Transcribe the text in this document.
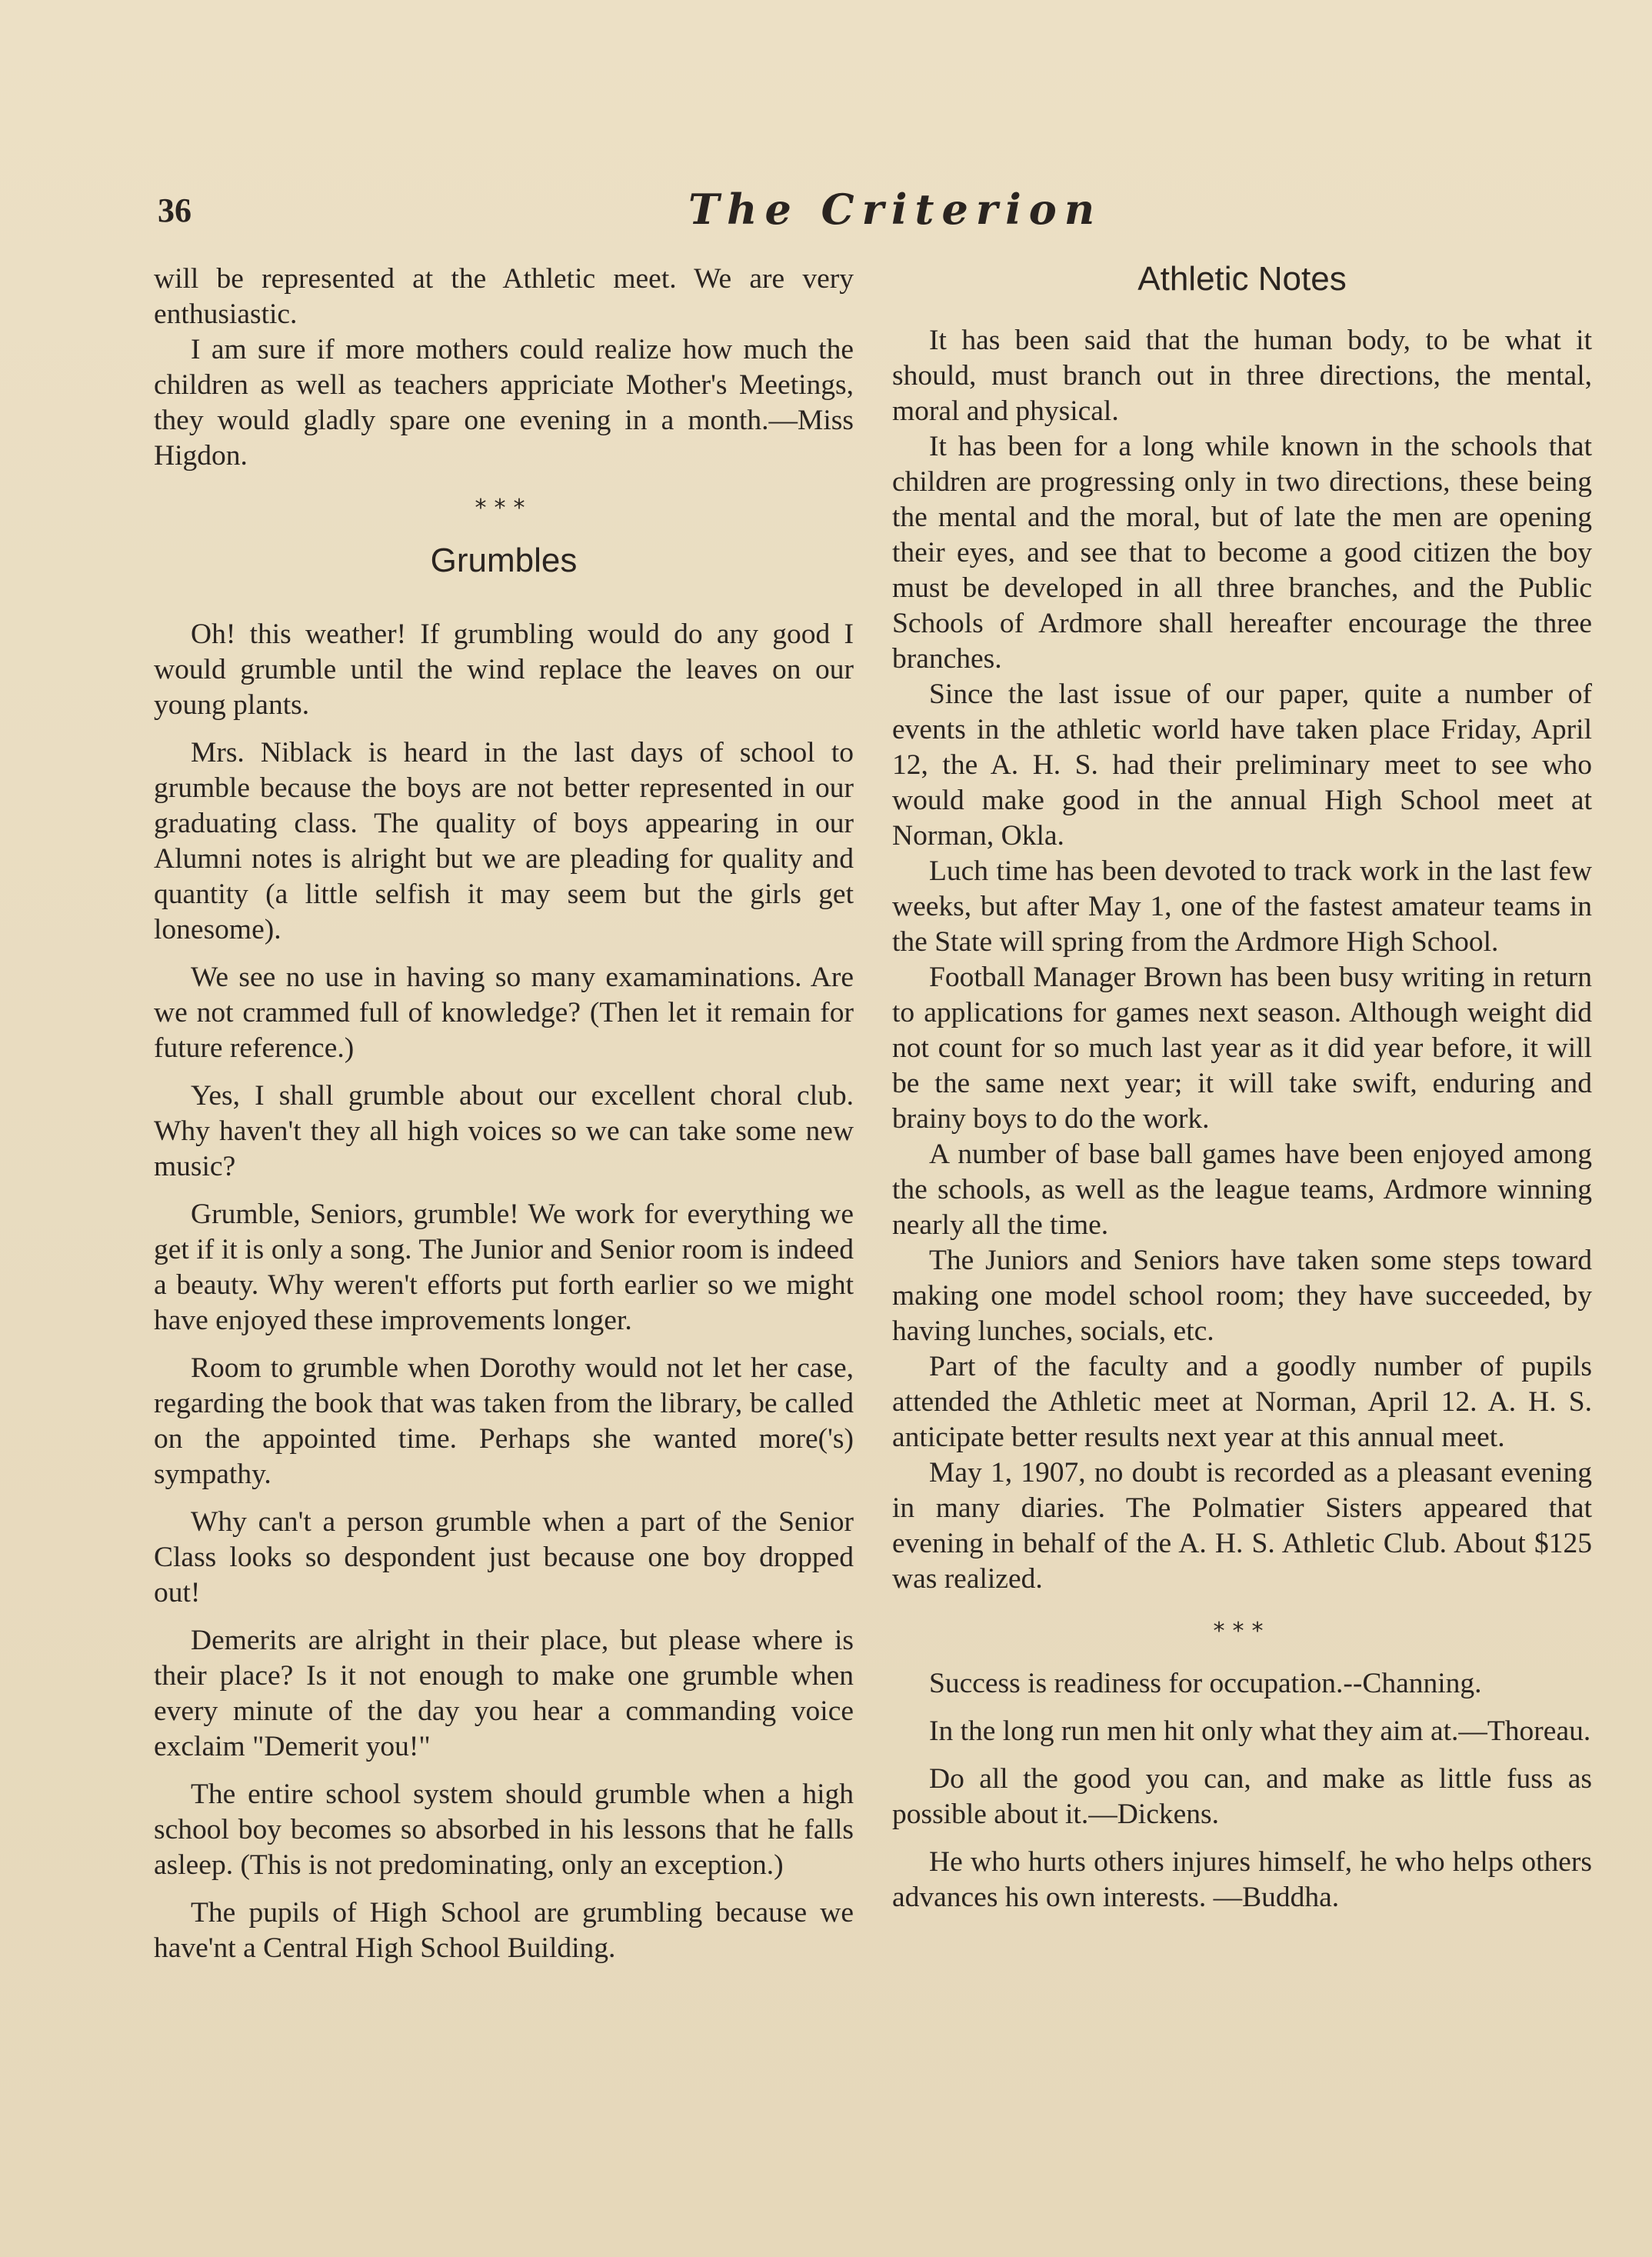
36	The Criterion

will be represented at the Athletic meet. We are very enthusiastic.

I am sure if more mothers could realize how much the children as well as teachers appriciate Mother's Meetings, they would gladly spare one evening in a month.—Miss Higdon.

***
Grumbles

Oh! this weather! If grumbling would do any good I would grumble until the wind replace the leaves on our young plants.

Mrs. Niblack is heard in the last days of school to grumble because the boys are not better represented in our graduating class. The quality of boys appearing in our Alumni notes is alright but we are pleading for quality and quantity (a little selfish it may seem but the girls get lonesome).

We see no use in having so many examaminations. Are we not crammed full of knowledge? (Then let it remain for future reference.)

Yes, I shall grumble about our excellent choral club. Why haven't they all high voices so we can take some new music?

Grumble, Seniors, grumble! We work for everything we get if it is only a song. The Junior and Senior room is indeed a beauty. Why weren't efforts put forth earlier so we might have enjoyed these improvements longer.

Room to grumble when Dorothy would not let her case, regarding the book that was taken from the library, be called on the appointed time. Perhaps she wanted more('s) sympathy.

Why can't a person grumble when a part of the Senior Class looks so despondent just because one boy dropped out!

Demerits are alright in their place, but please where is their place? Is it not enough to make one grumble when every minute of the day you hear a commanding voice exclaim "Demerit you!"

The entire school system should grumble when a high school boy becomes so absorbed in his lessons that he falls asleep. (This is not predominating, only an exception.)

The pupils of High School are grumbling because we have'nt a Central High School Building.

Athletic Notes

It has been said that the human body, to be what it should, must branch out in three directions, the mental, moral and physical.

It has been for a long while known in the schools that children are progressing only in two directions, these being the mental and the moral, but of late the men are opening their eyes, and see that to become a good citizen the boy must be developed in all three branches, and the Public Schools of Ardmore shall hereafter encourage the three branches.

Since the last issue of our paper, quite a number of events in the athletic world have taken place Friday, April 12, the A. H. S. had their preliminary meet to see who would make good in the annual High School meet at Norman, Okla.

Luch time has been devoted to track work in the last few weeks, but after May 1, one of the fastest amateur teams in the State will spring from the Ardmore High School.

Football Manager Brown has been busy writing in return to applications for games next season. Although weight did not count for so much last year as it did year before, it will be the same next year; it will take swift, enduring and brainy boys to do the work.

A number of base ball games have been enjoyed among the schools, as well as the league teams, Ardmore winning nearly all the time.

The Juniors and Seniors have taken some steps toward making one model school room; they have succeeded, by having lunches, socials, etc.

Part of the faculty and a goodly number of pupils attended the Athletic meet at Norman, April 12. A. H. S. anticipate better results next year at this annual meet.

May 1, 1907, no doubt is recorded as a pleasant evening in many diaries. The Polmatier Sisters appeared that evening in behalf of the A. H. S. Athletic Club. About $125 was realized.

***

Success is readiness for occupation.--Channing.

In the long run men hit only what they aim at.—Thoreau.

Do all the good you can, and make as little fuss as possible about it.—Dickens.

He who hurts others injures himself, he who helps others advances his own interests. —Buddha.
